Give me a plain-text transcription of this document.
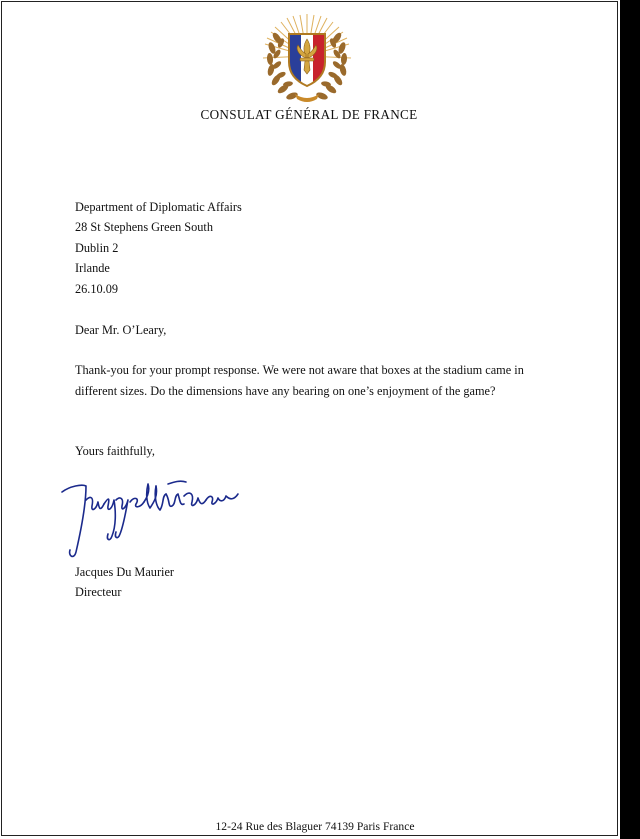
CONSULAT GÉNÉRAL DE FRANCE
Department of Diplomatic Affairs
28 St Stephens Green South
Dublin 2
Irlande
26.10.09
Dear Mr. O’Leary,
Thank-you for your prompt response. We were not aware that boxes at the stadium came in different sizes. Do the dimensions have any bearing on one’s enjoyment of the game?
Yours faithfully,
Jacques Du Maurier
Directeur
12-24 Rue des Blaguer 74139 Paris France
